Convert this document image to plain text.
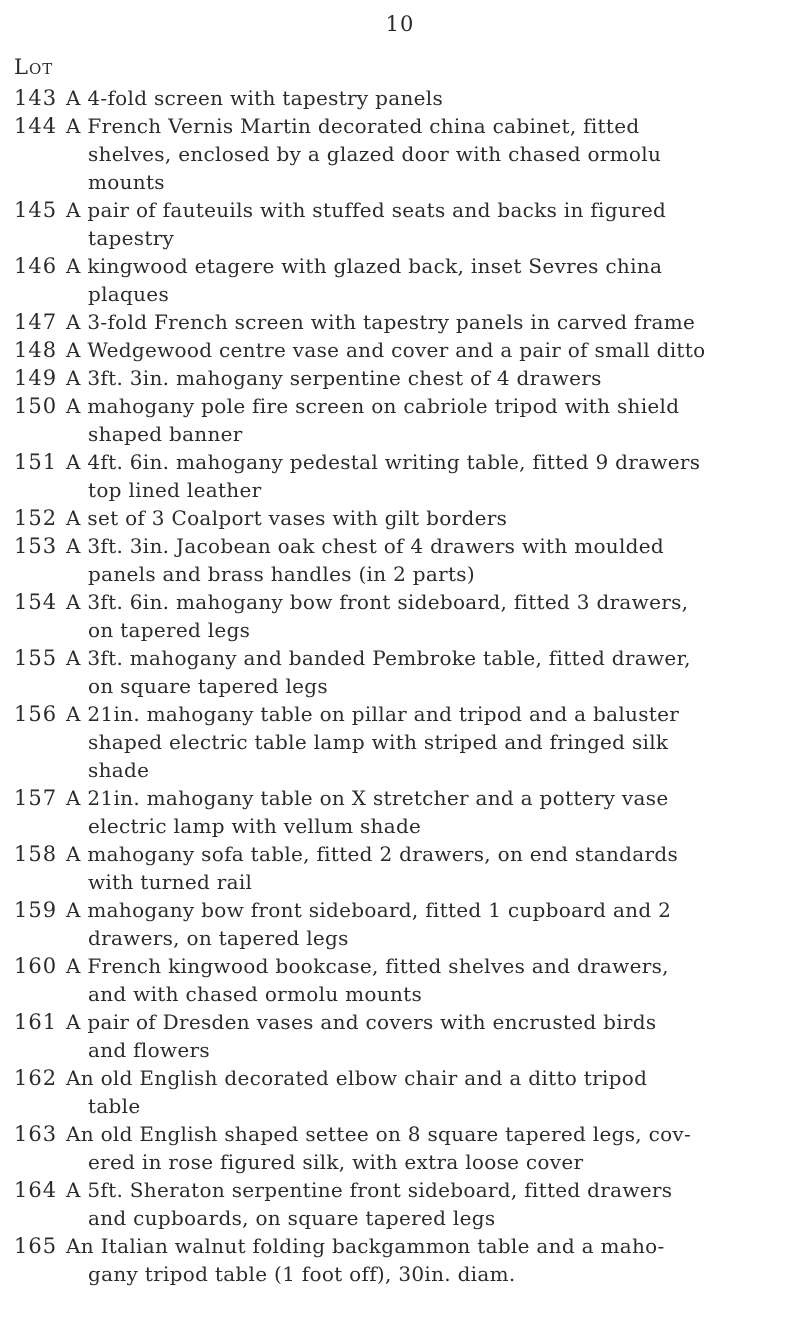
10
Lot
143 A 4-fold screen with tapestry panels
144 A French Vernis Martin decorated china cabinet, fitted
shelves, enclosed by a glazed door with chased ormolu
mounts
145 A pair of fauteuils with stuffed seats and backs in figured
tapestry
146 A kingwood etagere with glazed back, inset Sevres china
plaques
147 A 3-fold French screen with tapestry panels in carved frame
148 A Wedgewood centre vase and cover and a pair of small ditto
149 A 3ft. 3in. mahogany serpentine chest of 4 drawers
150 A mahogany pole fire screen on cabriole tripod with shield
shaped banner
151 A 4ft. 6in. mahogany pedestal writing table, fitted 9 drawers
top lined leather
152 A set of 3 Coalport vases with gilt borders
153 A 3ft. 3in. Jacobean oak chest of 4 drawers with moulded
panels and brass handles (in 2 parts)
154 A 3ft. 6in. mahogany bow front sideboard, fitted 3 drawers,
on tapered legs
155 A 3ft. mahogany and banded Pembroke table, fitted drawer,
on square tapered legs
156 A 21in. mahogany table on pillar and tripod and a baluster
shaped electric table lamp with striped and fringed silk
shade
157 A 21in. mahogany table on X stretcher and a pottery vase
electric lamp with vellum shade
158 A mahogany sofa table, fitted 2 drawers, on end standards
with turned rail
159 A mahogany bow front sideboard, fitted 1 cupboard and 2
drawers, on tapered legs
160 A French kingwood bookcase, fitted shelves and drawers,
and with chased ormolu mounts
161 A pair of Dresden vases and covers with encrusted birds
and flowers
162 An old English decorated elbow chair and a ditto tripod
table
163 An old English shaped settee on 8 square tapered legs, cov-
ered in rose figured silk, with extra loose cover
164 A 5ft. Sheraton serpentine front sideboard, fitted drawers
and cupboards, on square tapered legs
165 An Italian walnut folding backgammon table and a maho-
gany tripod table (1 foot off), 30in. diam.
